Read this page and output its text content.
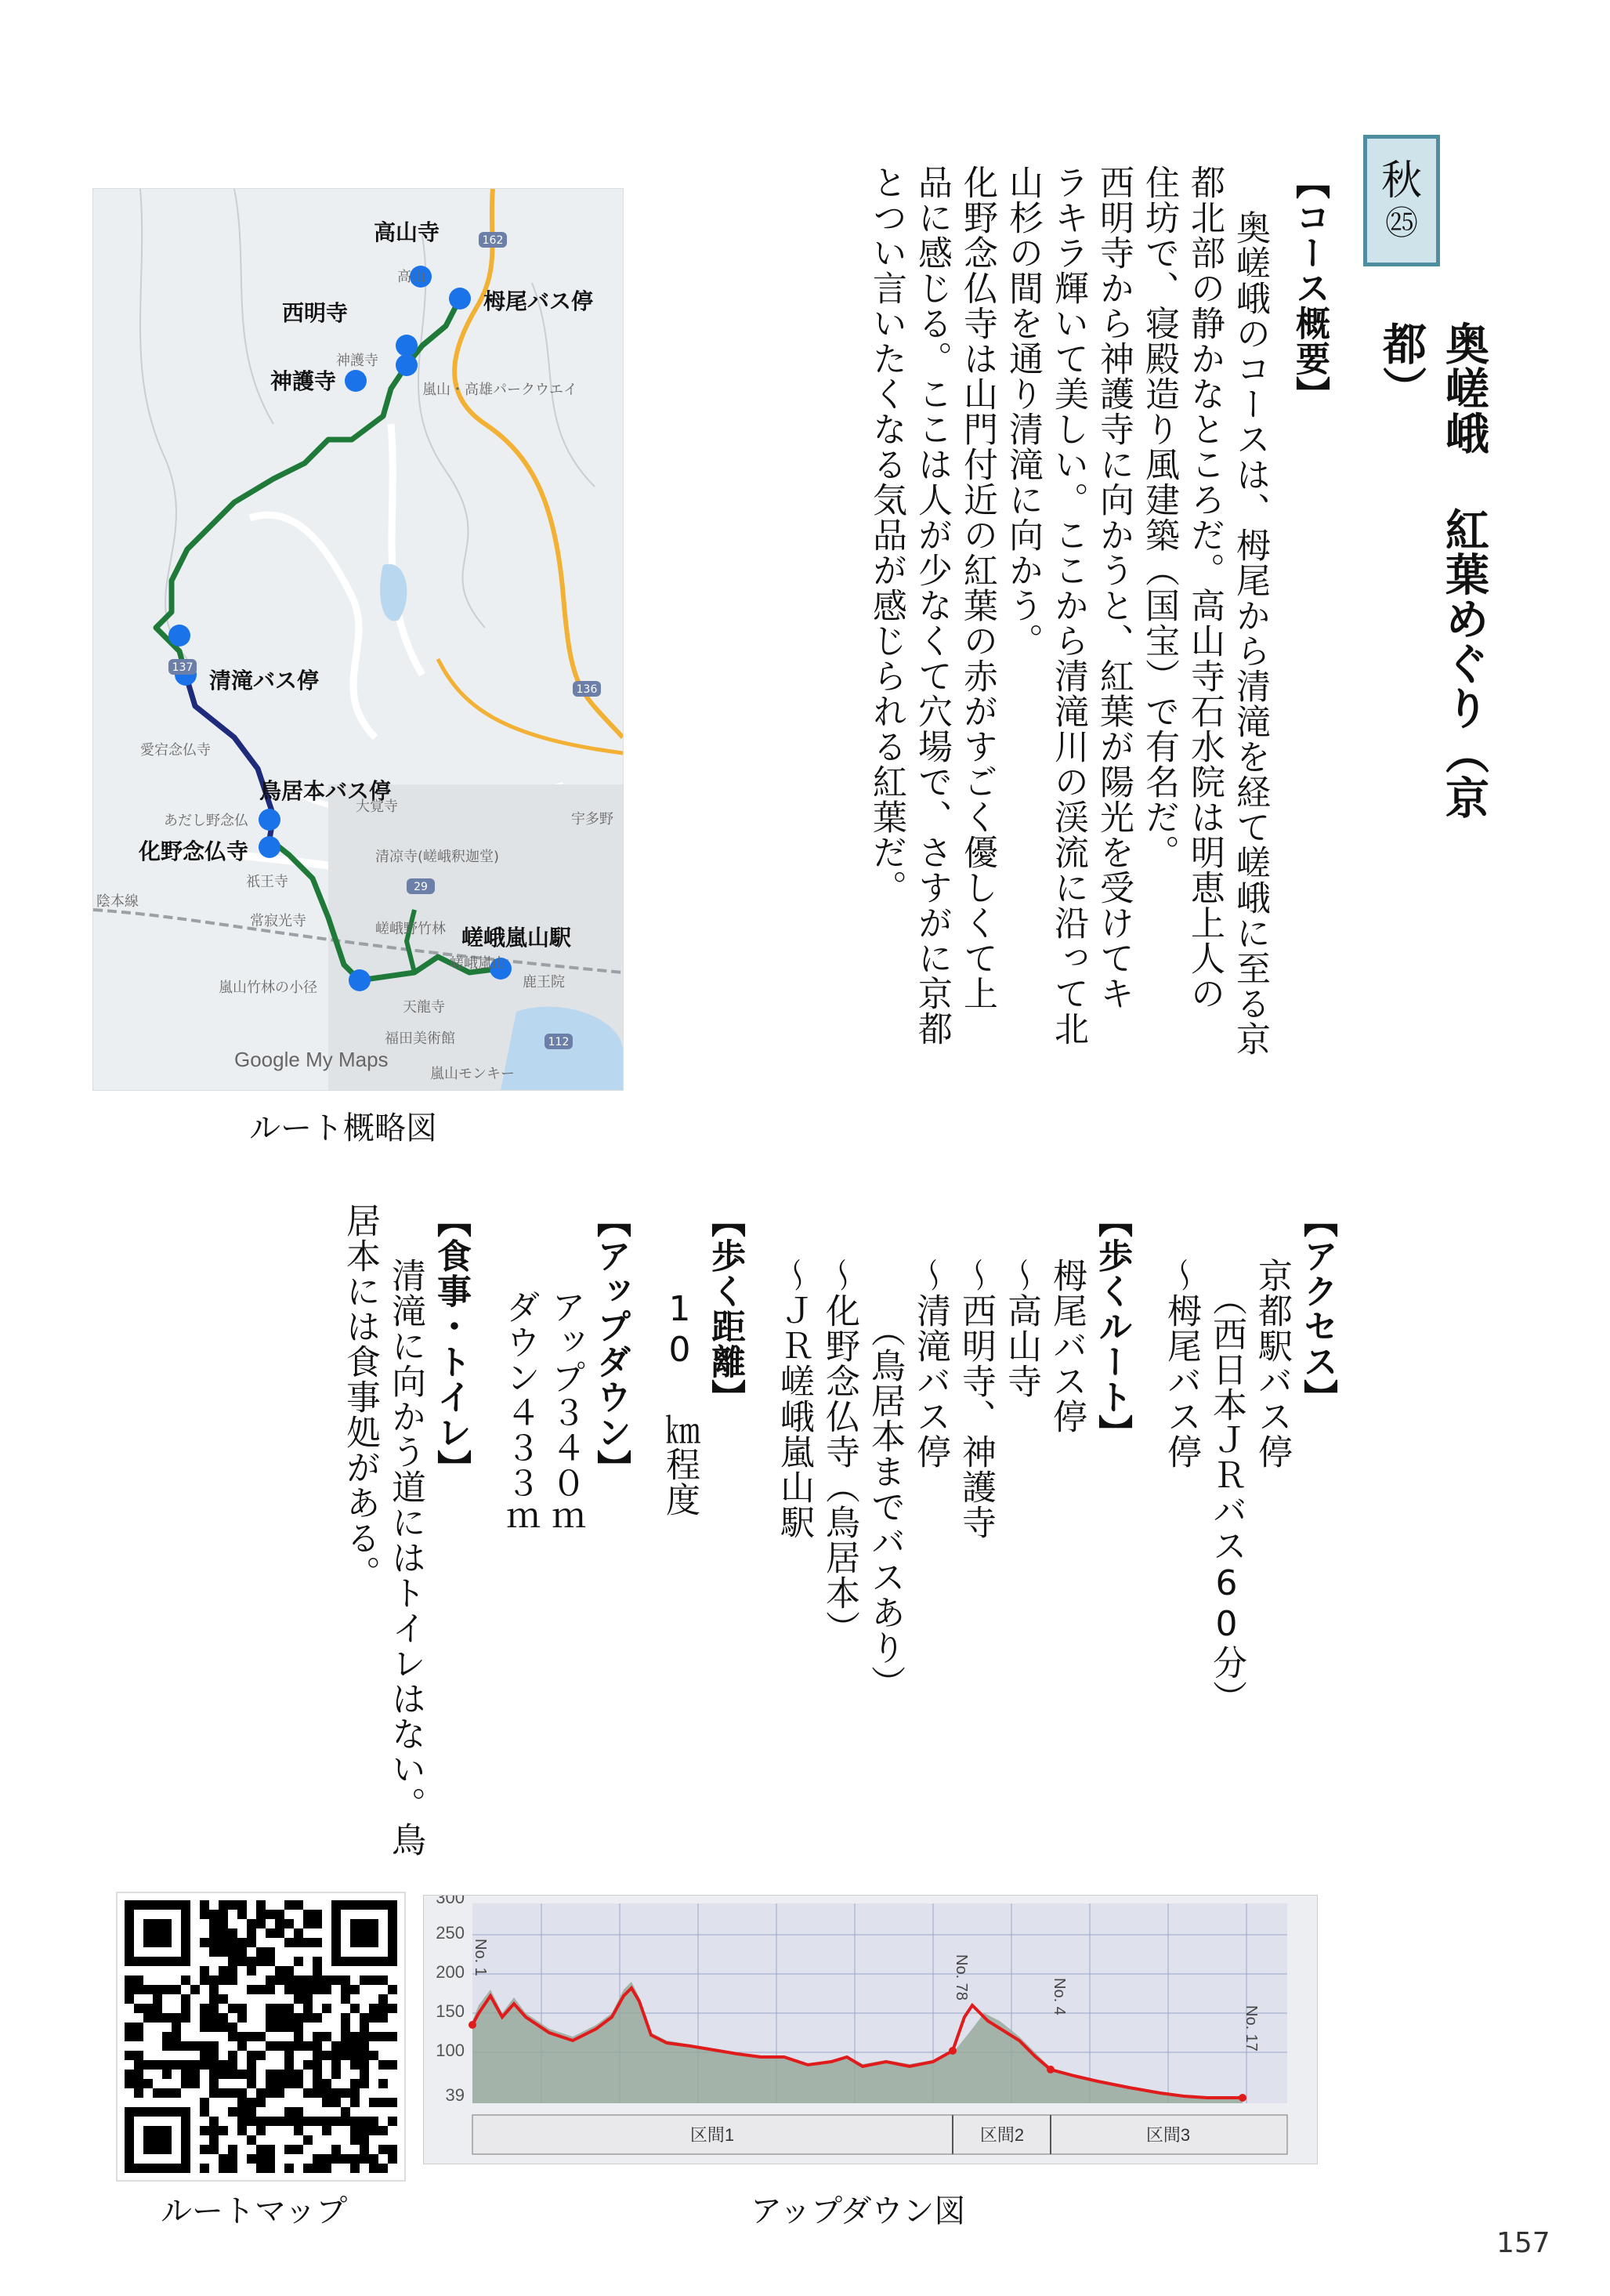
秋
㉕
奥嵯峨 紅葉めぐり（京都）
【コース概要】
奥嵯峨のコースは、栂尾から清滝を経て嵯峨に至る京
都北部の静かなところだ。高山寺石水院は明恵上人の
住坊で、寝殿造り風建築（国宝）で有名だ。
西明寺から神護寺に向かうと、紅葉が陽光を受けてキ
ラキラ輝いて美しい。ここから清滝川の渓流に沿って北
山杉の間を通り清滝に向かう。
化野念仏寺は山門付近の紅葉の赤がすごく優しくて上
品に感じる。ここは人が少なくて穴場で、さすがに京都
とつい言いたくなる気品が感じられる紅葉だ。
【アクセス】
京都駅バス停
（西日本ＪＲバス60分）
～栂尾バス停
【歩くルート】
栂尾バス停
～高山寺
～西明寺、神護寺
～清滝バス停
（鳥居本までバスあり）
～化野念仏寺（鳥居本）
～ＪＲ嵯峨嵐山駅
【歩く距離】
10 ㎞程度
【アップダウン】
アップ３４０ｍ
ダウン４３３ｍ
【食事・トイレ】
清滝に向かう道にはトイレはない。鳥
居本には食事処がある。
162
136
137
29
112
高山寺
栂尾バス停
西明寺
神護寺
清滝バス停
鳥居本バス停
化野念仏寺
嵯峨嵐山駅
嵐山・高雄パークウエイ
愛宕念仏寺
あだし野念仏
大覚寺
清凉寺(嵯峨釈迦堂)
祇王寺
常寂光寺	嵯峨野竹林
嵐山竹林の小径
天龍寺
福田美術館
嵐山モンキー
鹿王院
宇多野
嵯峨嵐山
陰本線
神護寺
高山
Google My Maps
ルート概略図
ルートマップ
300
250
200
150
100
39
No. 1	No. 78	No. 4
No. 17
区間1	区間2	区間3
アップダウン図
157
